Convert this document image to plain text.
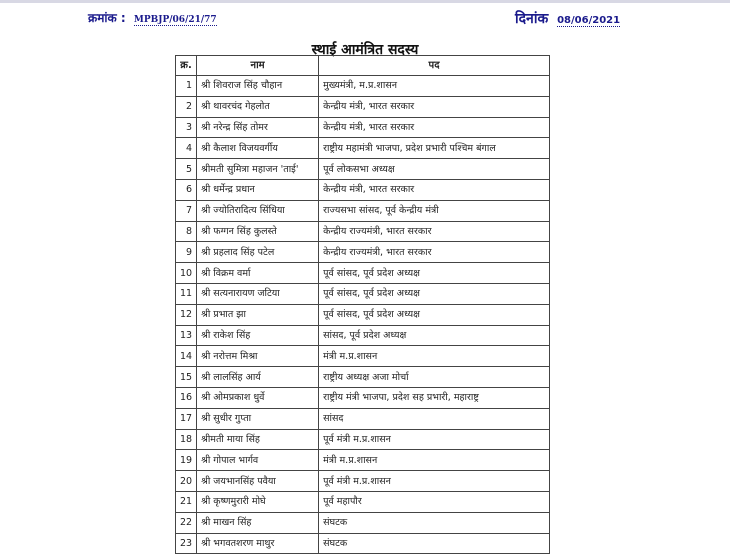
क्रमांक : MPBJP/06/21/77	दिनांक 08/06/2021
स्थाई आमंत्रित सदस्य
क्र.	नाम	पद
1	श्री शिवराज सिंह चौहान	मुख्यमंत्री, म.प्र.शासन
2	श्री थावरचंद गेहलोत	केन्द्रीय मंत्री, भारत सरकार
3	श्री नरेन्द्र सिंह तोमर	केन्द्रीय मंत्री, भारत सरकार
4	श्री कैलाश विजयवर्गीय	राष्ट्रीय महामंत्री भाजपा, प्रदेश प्रभारी पश्चिम बंगाल
5	श्रीमती सुमित्रा महाजन 'ताई'	पूर्व लोकसभा अध्यक्ष
6	श्री धर्मेन्द्र प्रधान	केन्द्रीय मंत्री, भारत सरकार
7	श्री ज्योतिरादित्य सिंधिया	राज्यसभा सांसद, पूर्व केन्द्रीय मंत्री
8	श्री फग्गन सिंह कुलस्ते	केन्द्रीय राज्यमंत्री, भारत सरकार
9	श्री प्रहलाद सिंह पटेल	केन्द्रीय राज्यमंत्री, भारत सरकार
10	श्री विक्रम वर्मा	पूर्व सांसद, पूर्व प्रदेश अध्यक्ष
11	श्री सत्यनारायण जटिया	पूर्व सांसद, पूर्व प्रदेश अध्यक्ष
12	श्री प्रभात झा	पूर्व सांसद, पूर्व प्रदेश अध्यक्ष
13	श्री राकेश सिंह	सांसद, पूर्व प्रदेश अध्यक्ष
14	श्री नरोत्तम मिश्रा	मंत्री म.प्र.शासन
15	श्री लालसिंह आर्य	राष्ट्रीय अध्यक्ष अजा मोर्चा
16	श्री ओमप्रकाश धुर्वे	राष्ट्रीय मंत्री भाजपा, प्रदेश सह प्रभारी, महाराष्ट्र
17	श्री सुधीर गुप्ता	सांसद
18	श्रीमती माया सिंह	पूर्व मंत्री म.प्र.शासन
19	श्री गोपाल भार्गव	मंत्री म.प्र.शासन
20	श्री जयभानसिंह पवैया	पूर्व मंत्री म.प्र.शासन
21	श्री कृष्णमुरारी मोघे	पूर्व महापौर
22	श्री माखन सिंह	संघटक
23	श्री भगवतशरण माथुर	संघटक
